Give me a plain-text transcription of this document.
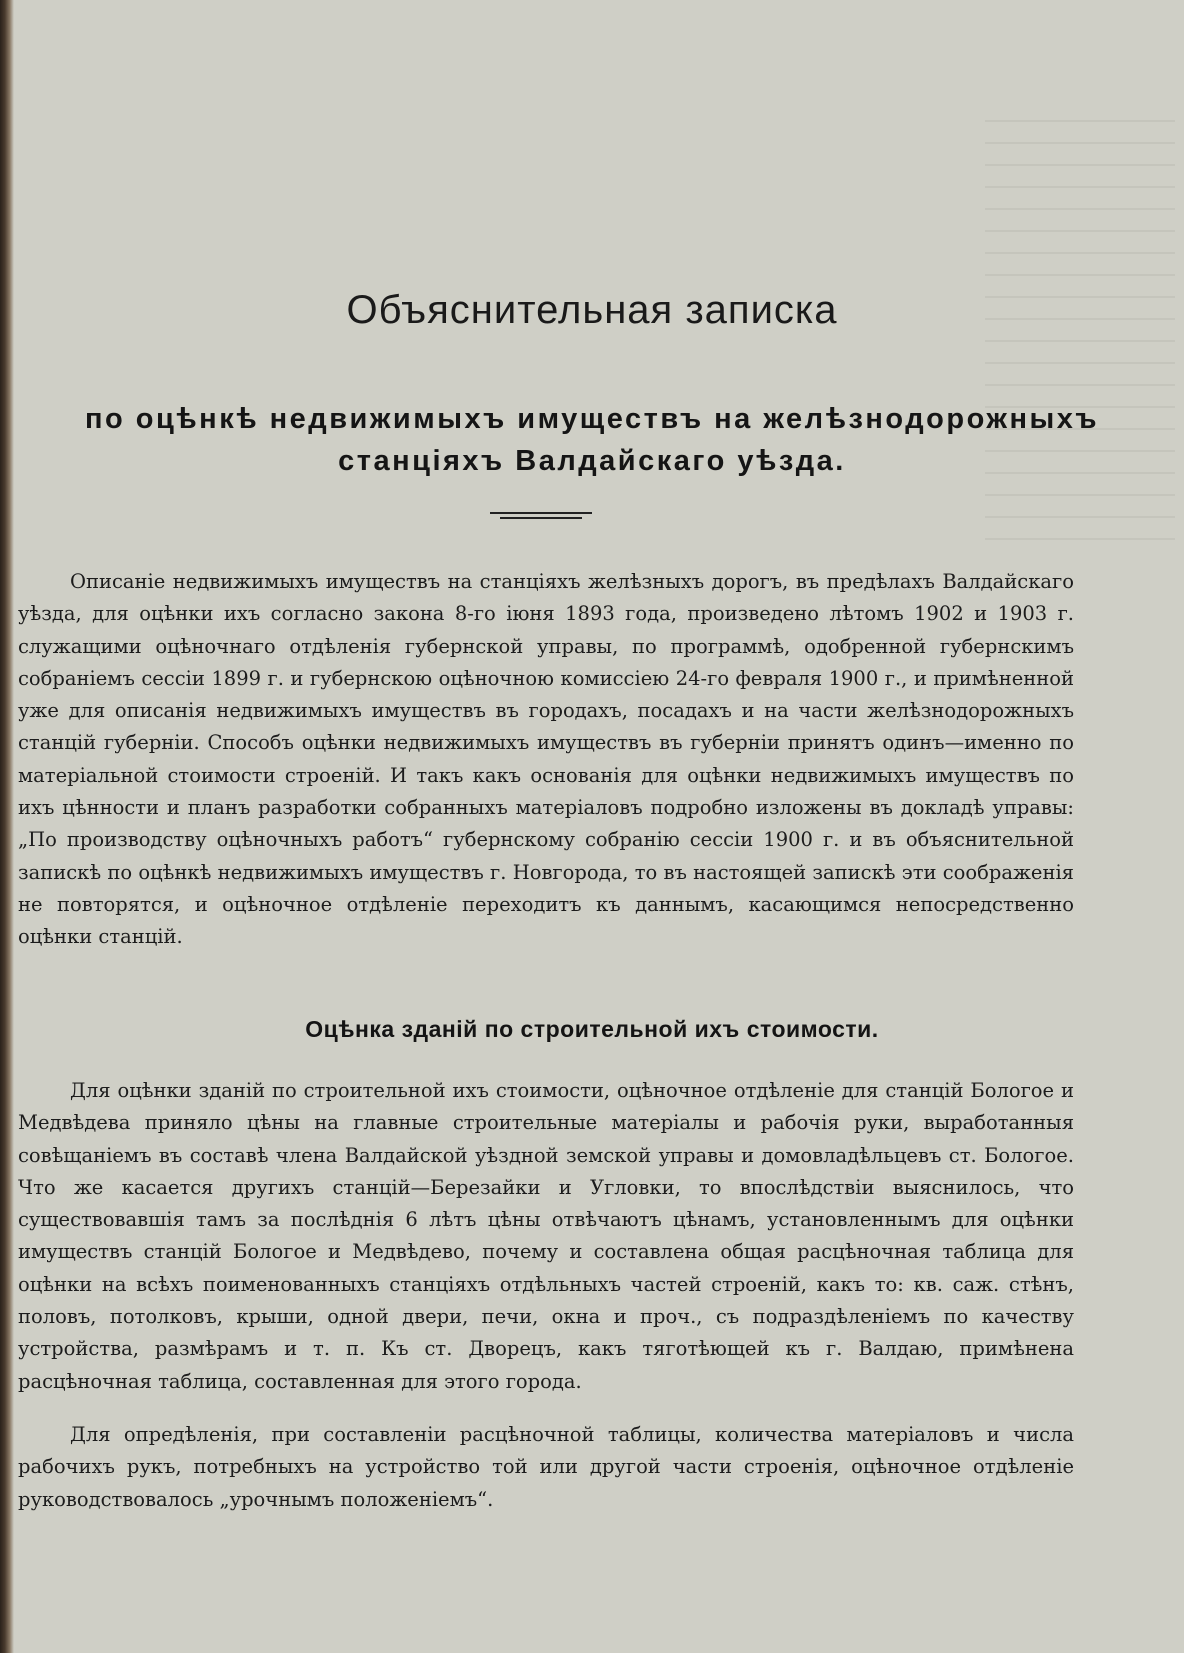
Объяснительная записка
по оцѣнкѣ недвижимыхъ имуществъ на желѣзнодорожныхъ станціяхъ Валдайскаго уѣзда.

Описаніе недвижимыхъ имуществъ на станціяхъ желѣзныхъ дорогъ, въ предѣлахъ Валдайскаго уѣзда, для оцѣнки ихъ согласно закона 8-го іюня 1893 года, произведено лѣтомъ 1902 и 1903 г. служащими оцѣночнаго отдѣленія губернской управы, по программѣ, одобренной губернскимъ собраніемъ сессіи 1899 г. и губернскою оцѣночною комиссіею 24-го февраля 1900 г., и примѣненной уже для описанія недвижимыхъ имуществъ въ городахъ, посадахъ и на части желѣзнодорожныхъ станцій губерніи. Способъ оцѣнки недвижимыхъ имуществъ въ губерніи принятъ одинъ—именно по матеріальной стоимости строеній. И такъ какъ основанія для оцѣнки недвижимыхъ имуществъ по ихъ цѣнности и планъ разработки собранныхъ матеріаловъ подробно изложены въ докладѣ управы: „По производству оцѣночныхъ работъ“ губернскому собранію сессіи 1900 г. и въ объяснительной запискѣ по оцѣнкѣ недвижимыхъ имуществъ г. Новгорода, то въ настоящей запискѣ эти соображенія не повторятся, и оцѣночное отдѣленіе переходитъ къ даннымъ, касающимся непосредственно оцѣнки станцій.

Оцѣнка зданій по строительной ихъ стоимости.

Для оцѣнки зданій по строительной ихъ стоимости, оцѣночное отдѣленіе для станцій Бологое и Медвѣдева приняло цѣны на главные строительные матеріалы и рабочія руки, выработанныя совѣщаніемъ въ составѣ члена Валдайской уѣздной земской управы и домовладѣльцевъ ст. Бологое. Что же касается другихъ станцій—Березайки и Угловки, то впослѣдствіи выяснилось, что существовавшія тамъ за послѣднія 6 лѣтъ цѣны отвѣчаютъ цѣнамъ, установленнымъ для оцѣнки имуществъ станцій Бологое и Медвѣдево, почему и составлена общая расцѣночная таблица для оцѣнки на всѣхъ поименованныхъ станціяхъ отдѣльныхъ частей строеній, какъ то: кв. саж. стѣнъ, половъ, потолковъ, крыши, одной двери, печи, окна и проч., съ подраздѣленіемъ по качеству устройства, размѣрамъ и т. п. Къ ст. Дворецъ, какъ тяготѣющей къ г. Валдаю, примѣнена расцѣночная таблица, составленная для этого города.

Для опредѣленія, при составленіи расцѣночной таблицы, количества матеріаловъ и числа рабочихъ рукъ, потребныхъ на устройство той или другой части строенія, оцѣночное отдѣленіе руководствовалось „урочнымъ положеніемъ“.
